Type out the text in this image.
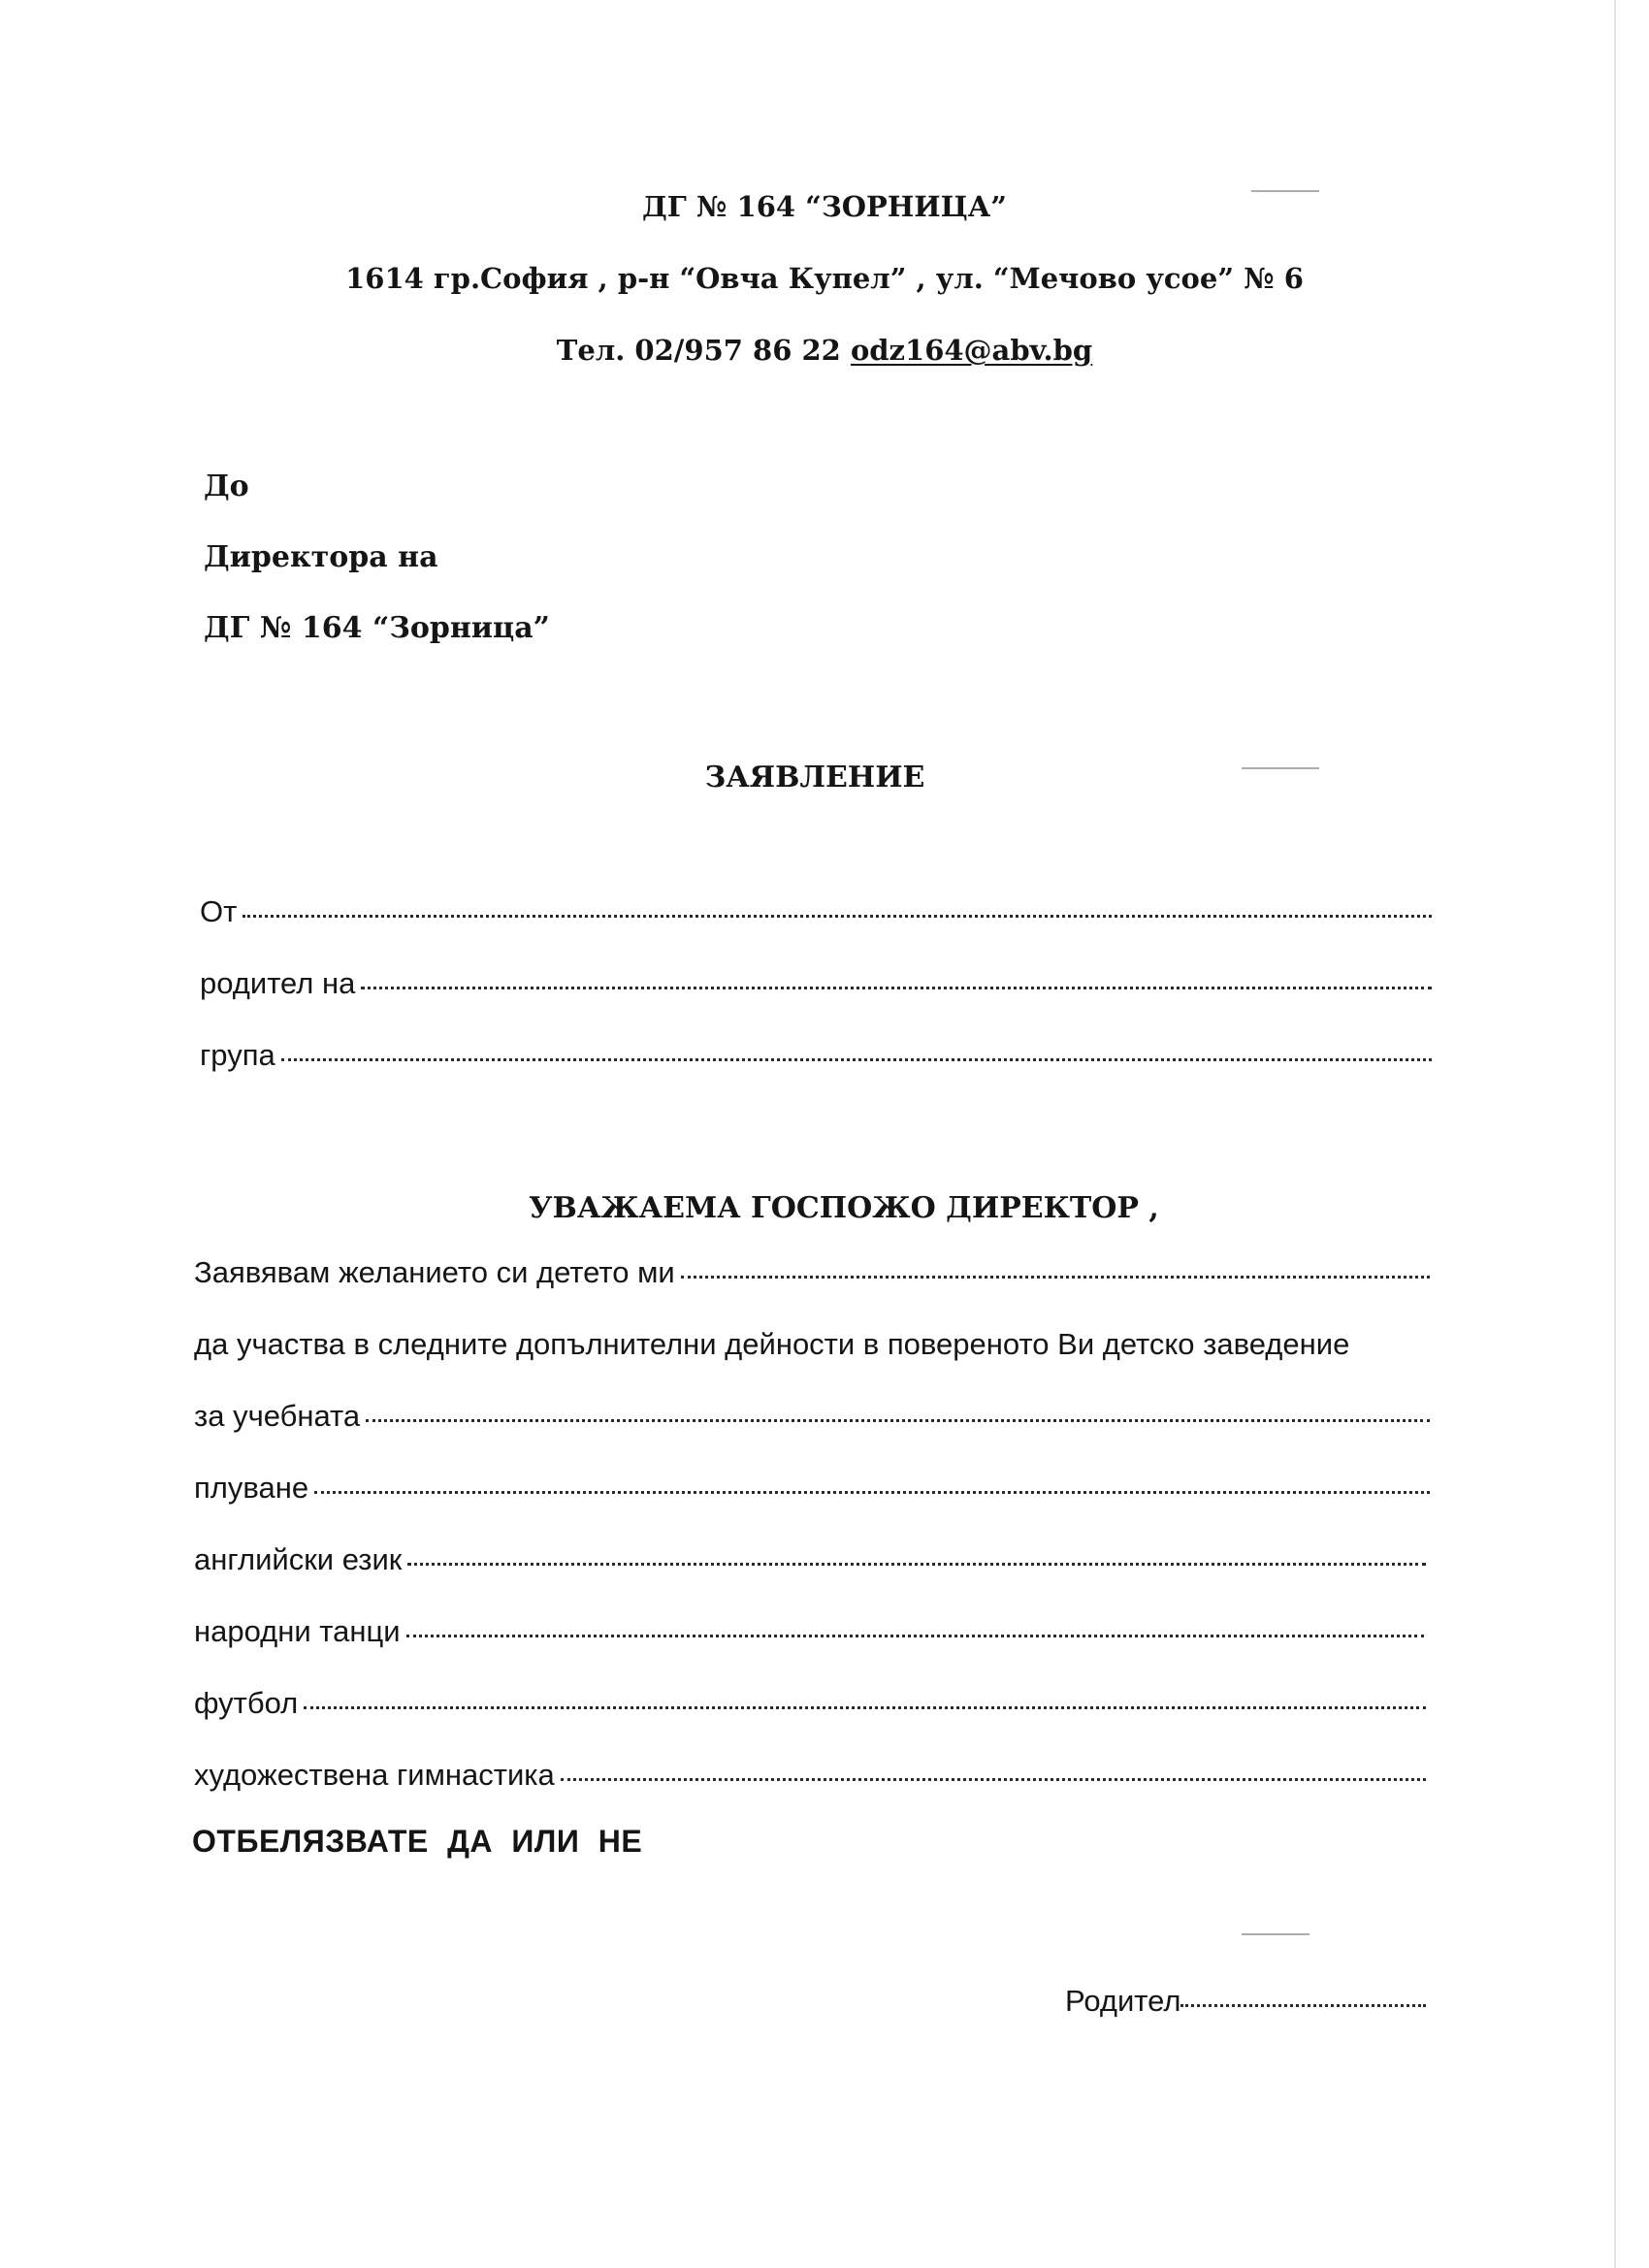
ДГ № 164 “ЗОРНИЦА”
1614 гр.София , р-н “Овча Купел” , ул. “Мечово усое” № 6
Тел. 02/957 86 22 odz164@abv.bg
До
Директора на
ДГ № 164 “Зорница”
ЗАЯВЛЕНИЕ
От
родител на
група
УВАЖАЕМА ГОСПОЖО ДИРЕКТОР ,
Заявявам желанието си детето ми
да участва в следните допълнителни дейности в повереното Ви детско заведение
за учебната
плуване
английски език
народни танци
футбол
художествена гимнастика
ОТБЕЛЯЗВАТЕ ДА ИЛИ НЕ
Родител
